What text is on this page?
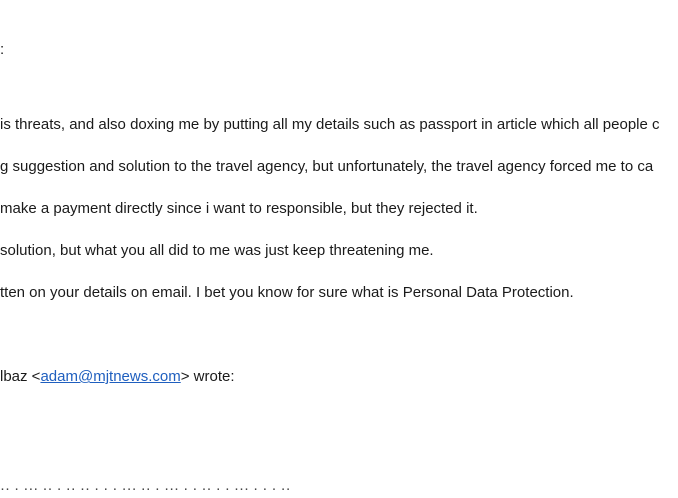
:
is threats, and also doxing me by putting all my details such as passport in article which all people c
g suggestion and solution to the travel agency, but unfortunately, the travel agency forced me to ca
make a payment directly since i want to responsible, but they rejected it.
solution, but what you all did to me was just keep threatening me.
tten on your details on email. I bet you know for sure what is Personal Data Protection.
lbaz <adam@mjtnews.com> wrote:
·· · ··· ·· · ·· ·· · · · ··· ·· · ··· · · ·· · · ··· · · · ··
